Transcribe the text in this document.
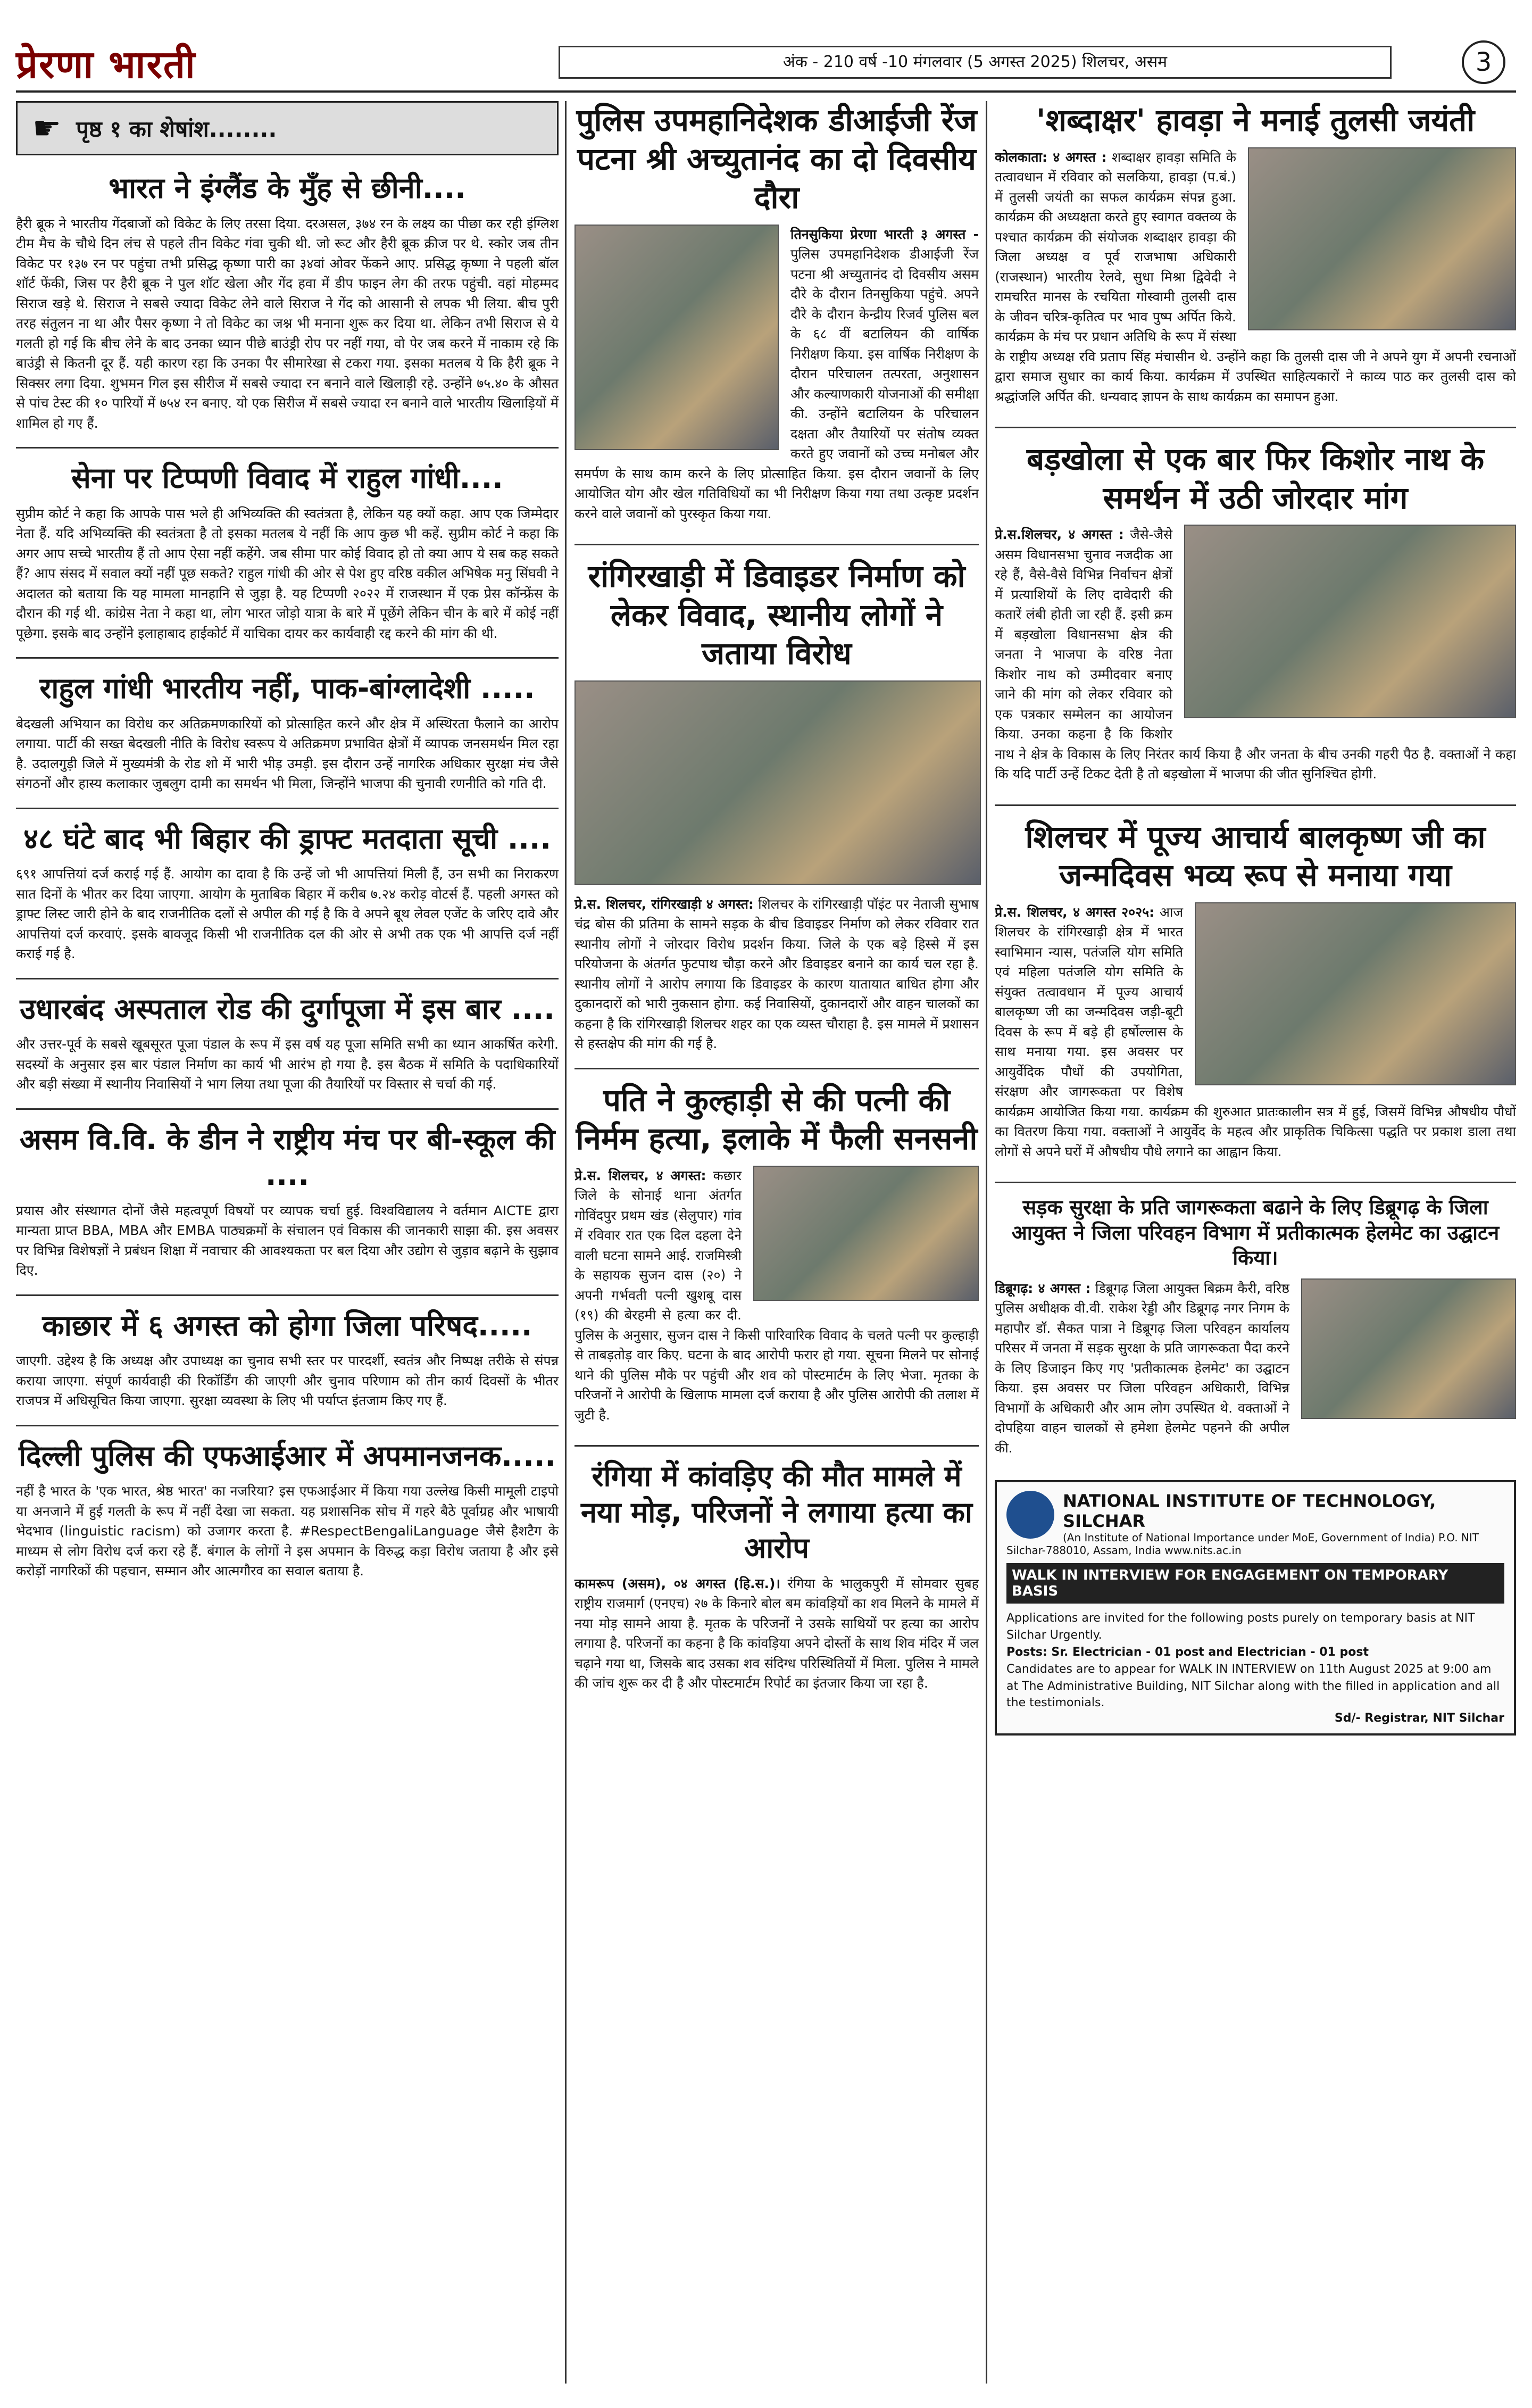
प्रेरणा भारती	अंक - 210 वर्ष -10 मंगलवार (5 अगस्त 2025) शिलचर, असम	3
☛ पृष्ठ १ का शेषांश........
भारत ने इंग्लैंड के मुँह से छीनी....

हैरी ब्रूक ने भारतीय गेंदबाजों को विकेट के लिए तरसा दिया. दरअसल, ३७४ रन के लक्ष्य का पीछा कर रही इंग्लिश टीम मैच के चौथे दिन लंच से पहले तीन विकेट गंवा चुकी थी. जो रूट और हैरी ब्रूक क्रीज पर थे. स्कोर जब तीन विकेट पर १३७ रन पर पहुंचा तभी प्रसिद्ध कृष्णा पारी का ३४वां ओवर फेंकने आए. प्रसिद्ध कृष्णा ने पहली बॉल शॉर्ट फेंकी, जिस पर हैरी ब्रूक ने पुल शॉट खेला और गेंद हवा में डीप फाइन लेग की तरफ पहुंची. वहां मोहम्मद सिराज खड़े थे. सिराज ने सबसे ज्यादा विकेट लेने वाले सिराज ने गेंद को आसानी से लपक भी लिया. बीच पुरी तरह संतुलन ना था और पैसर कृष्णा ने तो विकेट का जश्न भी मनाना शुरू कर दिया था. लेकिन तभी सिराज से ये गलती हो गई कि बीच लेने के बाद उनका ध्यान पीछे बाउंड्री रोप पर नहीं गया, वो पेर जब करने में नाकाम रहे कि बाउंड्री से कितनी दूर हैं. यही कारण रहा कि उनका पैर सीमारेखा से टकरा गया. इसका मतलब ये कि हैरी ब्रूक ने सिक्सर लगा दिया. शुभमन गिल इस सीरीज में सबसे ज्यादा रन बनाने वाले खिलाड़ी रहे. उन्होंने ७५.४० के औसत से पांच टेस्ट की १० पारियों में ७५४ रन बनाए. यो एक सिरीज में सबसे ज्यादा रन बनाने वाले भारतीय खिलाड़ियों में शामिल हो गए हैं.

सेना पर टिप्पणी विवाद में राहुल गांधी....

सुप्रीम कोर्ट ने कहा कि आपके पास भले ही अभिव्यक्ति की स्वतंत्रता है, लेकिन यह क्यों कहा. आप एक जिम्मेदार नेता हैं. यदि अभिव्यक्ति की स्वतंत्रता है तो इसका मतलब ये नहीं कि आप कुछ भी कहें. सुप्रीम कोर्ट ने कहा कि अगर आप सच्चे भारतीय हैं तो आप ऐसा नहीं कहेंगे. जब सीमा पार कोई विवाद हो तो क्या आप ये सब कह सकते हैं? आप संसद में सवाल क्यों नहीं पूछ सकते? राहुल गांधी की ओर से पेश हुए वरिष्ठ वकील अभिषेक मनु सिंघवी ने अदालत को बताया कि यह मामला मानहानि से जुड़ा है. यह टिप्पणी २०२२ में राजस्थान में एक प्रेस कॉन्फ्रेंस के दौरान की गई थी. कांग्रेस नेता ने कहा था, लोग भारत जोड़ो यात्रा के बारे में पूछेंगे लेकिन चीन के बारे में कोई नहीं पूछेगा. इसके बाद उन्होंने इलाहाबाद हाईकोर्ट में याचिका दायर कर कार्यवाही रद्द करने की मांग की थी.

राहुल गांधी भारतीय नहीं, पाक-बांग्लादेशी .....

बेदखली अभियान का विरोध कर अतिक्रमणकारियों को प्रोत्साहित करने और क्षेत्र में अस्थिरता फैलाने का आरोप लगाया. पार्टी की सख्त बेदखली नीति के विरोध स्वरूप ये अतिक्रमण प्रभावित क्षेत्रों में व्यापक जनसमर्थन मिल रहा है. उदालगुड़ी जिले में मुख्यमंत्री के रोड शो में भारी भीड़ उमड़ी. इस दौरान उन्हें नागरिक अधिकार सुरक्षा मंच जैसे संगठनों और हास्य कलाकार जुबलुग दामी का समर्थन भी मिला, जिन्होंने भाजपा की चुनावी रणनीति को गति दी.

४८ घंटे बाद भी बिहार की ड्राफ्ट मतदाता सूची ....

६९१ आपत्तियां दर्ज कराई गई हैं. आयोग का दावा है कि उन्हें जो भी आपत्तियां मिली हैं, उन सभी का निराकरण सात दिनों के भीतर कर दिया जाएगा. आयोग के मुताबिक बिहार में करीब ७.२४ करोड़ वोटर्स हैं. पहली अगस्त को ड्राफ्ट लिस्ट जारी होने के बाद राजनीतिक दलों से अपील की गई है कि वे अपने बूथ लेवल एजेंट के जरिए दावे और आपत्तियां दर्ज करवाएं. इसके बावजूद किसी भी राजनीतिक दल की ओर से अभी तक एक भी आपत्ति दर्ज नहीं कराई गई है.

उधारबंद अस्पताल रोड की दुर्गापूजा में इस बार ....

और उत्तर-पूर्व के सबसे खूबसूरत पूजा पंडाल के रूप में इस वर्ष यह पूजा समिति सभी का ध्यान आकर्षित करेगी. सदस्यों के अनुसार इस बार पंडाल निर्माण का कार्य भी आरंभ हो गया है. इस बैठक में समिति के पदाधिकारियों और बड़ी संख्या में स्थानीय निवासियों ने भाग लिया तथा पूजा की तैयारियों पर विस्तार से चर्चा की गई.

असम वि.वि. के डीन ने राष्ट्रीय मंच पर बी-स्कूल की ....

प्रयास और संस्थागत दोनों जैसे महत्वपूर्ण विषयों पर व्यापक चर्चा हुई. विश्वविद्यालय ने वर्तमान AICTE द्वारा मान्यता प्राप्त BBA, MBA और EMBA पाठ्यक्रमों के संचालन एवं विकास की जानकारी साझा की. इस अवसर पर विभिन्न विशेषज्ञों ने प्रबंधन शिक्षा में नवाचार की आवश्यकता पर बल दिया और उद्योग से जुड़ाव बढ़ाने के सुझाव दिए.

काछार में ६ अगस्त को होगा जिला परिषद.....

जाएगी. उद्देश्य है कि अध्यक्ष और उपाध्यक्ष का चुनाव सभी स्तर पर पारदर्शी, स्वतंत्र और निष्पक्ष तरीके से संपन्न कराया जाएगा. संपूर्ण कार्यवाही की रिकॉर्डिंग की जाएगी और चुनाव परिणाम को तीन कार्य दिवसों के भीतर राजपत्र में अधिसूचित किया जाएगा. सुरक्षा व्यवस्था के लिए भी पर्याप्त इंतजाम किए गए हैं.

दिल्ली पुलिस की एफआईआर में अपमानजनक.....

नहीं है भारत के 'एक भारत, श्रेष्ठ भारत' का नजरिया? इस एफआईआर में किया गया उल्लेख किसी मामूली टाइपो या अनजाने में हुई गलती के रूप में नहीं देखा जा सकता. यह प्रशासनिक सोच में गहरे बैठे पूर्वाग्रह और भाषायी भेदभाव (linguistic racism) को उजागर करता है. #RespectBengaliLanguage जैसे हैशटैग के माध्यम से लोग विरोध दर्ज करा रहे हैं. बंगाल के लोगों ने इस अपमान के विरुद्ध कड़ा विरोध जताया है और इसे करोड़ों नागरिकों की पहचान, सम्मान और आत्मगौरव का सवाल बताया है.

पुलिस उपमहानिदेशक डीआईजी रेंज पटना श्री अच्युतानंद का दो दिवसीय दौरा

तिनसुकिया प्रेरणा भारती ३ अगस्त - पुलिस उपमहानिदेशक डीआईजी रेंज पटना श्री अच्युतानंद दो दिवसीय असम दौरे के दौरान तिनसुकिया पहुंचे. अपने दौरे के दौरान केन्द्रीय रिजर्व पुलिस बल के ६८ वीं बटालियन की वार्षिक निरीक्षण किया. इस वार्षिक निरीक्षण के दौरान परिचालन तत्परता, अनुशासन और कल्याणकारी योजनाओं की समीक्षा की. उन्होंने बटालियन के परिचालन दक्षता और तैयारियों पर संतोष व्यक्त करते हुए जवानों को उच्च मनोबल और समर्पण के साथ काम करने के लिए प्रोत्साहित किया. इस दौरान जवानों के लिए आयोजित योग और खेल गतिविधियों का भी निरीक्षण किया गया तथा उत्कृष्ट प्रदर्शन करने वाले जवानों को पुरस्कृत किया गया.

रांगिरखाड़ी में डिवाइडर निर्माण को लेकर विवाद, स्थानीय लोगों ने जताया विरोध

प्रे.स. शिलचर, रांगिरखाड़ी ४ अगस्त: शिलचर के रांगिरखाड़ी पॉइंट पर नेताजी सुभाष चंद्र बोस की प्रतिमा के सामने सड़क के बीच डिवाइडर निर्माण को लेकर रविवार रात स्थानीय लोगों ने जोरदार विरोध प्रदर्शन किया. जिले के एक बड़े हिस्से में इस परियोजना के अंतर्गत फुटपाथ चौड़ा करने और डिवाइडर बनाने का कार्य चल रहा है. स्थानीय लोगों ने आरोप लगाया कि डिवाइडर के कारण यातायात बाधित होगा और दुकानदारों को भारी नुकसान होगा. कई निवासियों, दुकानदारों और वाहन चालकों का कहना है कि रांगिरखाड़ी शिलचर शहर का एक व्यस्त चौराहा है. इस मामले में प्रशासन से हस्तक्षेप की मांग की गई है.

पति ने कुल्हाड़ी से की पत्नी की निर्मम हत्या, इलाके में फैली सनसनी

प्रे.स. शिलचर, ४ अगस्त: कछार जिले के सोनाई थाना अंतर्गत गोविंदपुर प्रथम खंड (सेलुपार) गांव में रविवार रात एक दिल दहला देने वाली घटना सामने आई. राजमिस्त्री के सहायक सुजन दास (२०) ने अपनी गर्भवती पत्नी खुशबू दास (१९) की बेरहमी से हत्या कर दी. पुलिस के अनुसार, सुजन दास ने किसी पारिवारिक विवाद के चलते पत्नी पर कुल्हाड़ी से ताबड़तोड़ वार किए. घटना के बाद आरोपी फरार हो गया. सूचना मिलने पर सोनाई थाने की पुलिस मौके पर पहुंची और शव को पोस्टमार्टम के लिए भेजा. मृतका के परिजनों ने आरोपी के खिलाफ मामला दर्ज कराया है और पुलिस आरोपी की तलाश में जुटी है.

रंगिया में कांवड़िए की मौत मामले में नया मोड़, परिजनों ने लगाया हत्या का आरोप

कामरूप (असम), ०४ अगस्त (हि.स.)। रंगिया के भालुकपुरी में सोमवार सुबह राष्ट्रीय राजमार्ग (एनएच) २७ के किनारे बोल बम कांवड़ियों का शव मिलने के मामले में नया मोड़ सामने आया है. मृतक के परिजनों ने उसके साथियों पर हत्या का आरोप लगाया है. परिजनों का कहना है कि कांवड़िया अपने दोस्तों के साथ शिव मंदिर में जल चढ़ाने गया था, जिसके बाद उसका शव संदिग्ध परिस्थितियों में मिला. पुलिस ने मामले की जांच शुरू कर दी है और पोस्टमार्टम रिपोर्ट का इंतजार किया जा रहा है.

'शब्दाक्षर' हावड़ा ने मनाई तुलसी जयंती

कोलकाता: ४ अगस्त : शब्दाक्षर हावड़ा समिति के तत्वावधान में रविवार को सलकिया, हावड़ा (प.बं.) में तुलसी जयंती का सफल कार्यक्रम संपन्न हुआ. कार्यक्रम की अध्यक्षता करते हुए स्वागत वक्तव्य के पश्चात कार्यक्रम की संयोजक शब्दाक्षर हावड़ा की जिला अध्यक्ष व पूर्व राजभाषा अधिकारी (राजस्थान) भारतीय रेलवे, सुधा मिश्रा द्विवेदी ने रामचरित मानस के रचयिता गोस्वामी तुलसी दास के जीवन चरित्र-कृतित्व पर भाव पुष्प अर्पित किये. कार्यक्रम के मंच पर प्रधान अतिथि के रूप में संस्था के राष्ट्रीय अध्यक्ष रवि प्रताप सिंह मंचासीन थे. उन्होंने कहा कि तुलसी दास जी ने अपने युग में अपनी रचनाओं द्वारा समाज सुधार का कार्य किया. कार्यक्रम में उपस्थित साहित्यकारों ने काव्य पाठ कर तुलसी दास को श्रद्धांजलि अर्पित की. धन्यवाद ज्ञापन के साथ कार्यक्रम का समापन हुआ.

बड़खोला से एक बार फिर किशोर नाथ के समर्थन में उठी जोरदार मांग

प्रे.स.शिलचर, ४ अगस्त : जैसे-जैसे असम विधानसभा चुनाव नजदीक आ रहे हैं, वैसे-वैसे विभिन्न निर्वाचन क्षेत्रों में प्रत्याशियों के लिए दावेदारी की कतारें लंबी होती जा रही हैं. इसी क्रम में बड़खोला विधानसभा क्षेत्र की जनता ने भाजपा के वरिष्ठ नेता किशोर नाथ को उम्मीदवार बनाए जाने की मांग को लेकर रविवार को एक पत्रकार सम्मेलन का आयोजन किया. उनका कहना है कि किशोर नाथ ने क्षेत्र के विकास के लिए निरंतर कार्य किया है और जनता के बीच उनकी गहरी पैठ है. वक्ताओं ने कहा कि यदि पार्टी उन्हें टिकट देती है तो बड़खोला में भाजपा की जीत सुनिश्चित होगी.

शिलचर में पूज्य आचार्य बालकृष्ण जी का जन्मदिवस भव्य रूप से मनाया गया

प्रे.स. शिलचर, ४ अगस्त २०२५: आज शिलचर के रांगिरखाड़ी क्षेत्र में भारत स्वाभिमान न्यास, पतंजलि योग समिति एवं महिला पतंजलि योग समिति के संयुक्त तत्वावधान में पूज्य आचार्य बालकृष्ण जी का जन्मदिवस जड़ी-बूटी दिवस के रूप में बड़े ही हर्षोल्लास के साथ मनाया गया. इस अवसर पर आयुर्वेदिक पौधों की उपयोगिता, संरक्षण और जागरूकता पर विशेष कार्यक्रम आयोजित किया गया. कार्यक्रम की शुरुआत प्रातःकालीन सत्र में हुई, जिसमें विभिन्न औषधीय पौधों का वितरण किया गया. वक्ताओं ने आयुर्वेद के महत्व और प्राकृतिक चिकित्सा पद्धति पर प्रकाश डाला तथा लोगों से अपने घरों में औषधीय पौधे लगाने का आह्वान किया.

सड़क सुरक्षा के प्रति जागरूकता बढाने के लिए डिब्रूगढ़ के जिला आयुक्त ने जिला परिवहन विभाग में प्रतीकात्मक हेलमेट का उद्घाटन किया।

डिब्रूगढ़: ४ अगस्त : डिब्रूगढ़ जिला आयुक्त बिक्रम कैरी, वरिष्ठ पुलिस अधीक्षक वी.वी. राकेश रेड्डी और डिब्रूगढ़ नगर निगम के महापौर डॉ. सैकत पात्रा ने डिब्रूगढ़ जिला परिवहन कार्यालय परिसर में जनता में सड़क सुरक्षा के प्रति जागरूकता पैदा करने के लिए डिजाइन किए गए 'प्रतीकात्मक हेलमेट' का उद्घाटन किया. इस अवसर पर जिला परिवहन अधिकारी, विभिन्न विभागों के अधिकारी और आम लोग उपस्थित थे. वक्ताओं ने दोपहिया वाहन चालकों से हमेशा हेलमेट पहनने की अपील की.

NATIONAL INSTITUTE OF TECHNOLOGY, SILCHAR
(An Institute of National Importance under MoE, Government of India) P.O. NIT Silchar-788010, Assam, India www.nits.ac.in
WALK IN INTERVIEW FOR ENGAGEMENT ON TEMPORARY BASIS
Applications are invited for the following posts purely on temporary basis at NIT Silchar Urgently.
Posts: Sr. Electrician - 01 post and Electrician - 01 post
Candidates are to appear for WALK IN INTERVIEW on 11th August 2025 at 9:00 am at The Administrative Building, NIT Silchar along with the filled in application and all the testimonials.
Sd/- Registrar, NIT Silchar
